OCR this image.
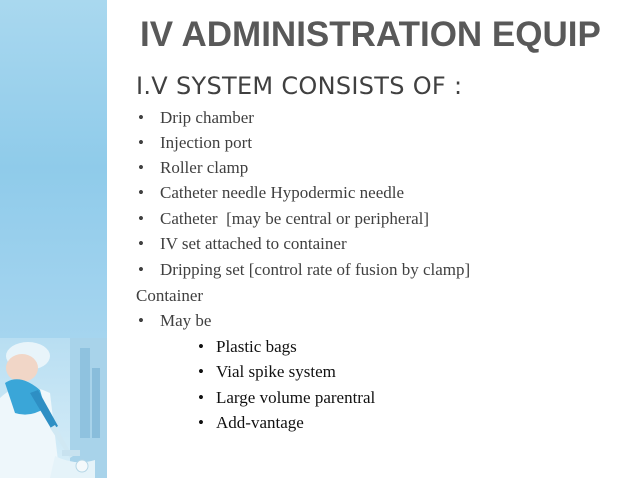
IV ADMINISTRATION EQUIP
I.V SYSTEM CONSISTS OF :
• Drip chamber
• Injection port
• Roller clamp
• Catheter needle Hypodermic needle
• Catheter  [may be central or peripheral]
• IV set attached to container
• Dripping set [control rate of fusion by clamp]
Container
• May be
• Plastic bags
• Vial spike system
• Large volume parentral
• Add-vantage
